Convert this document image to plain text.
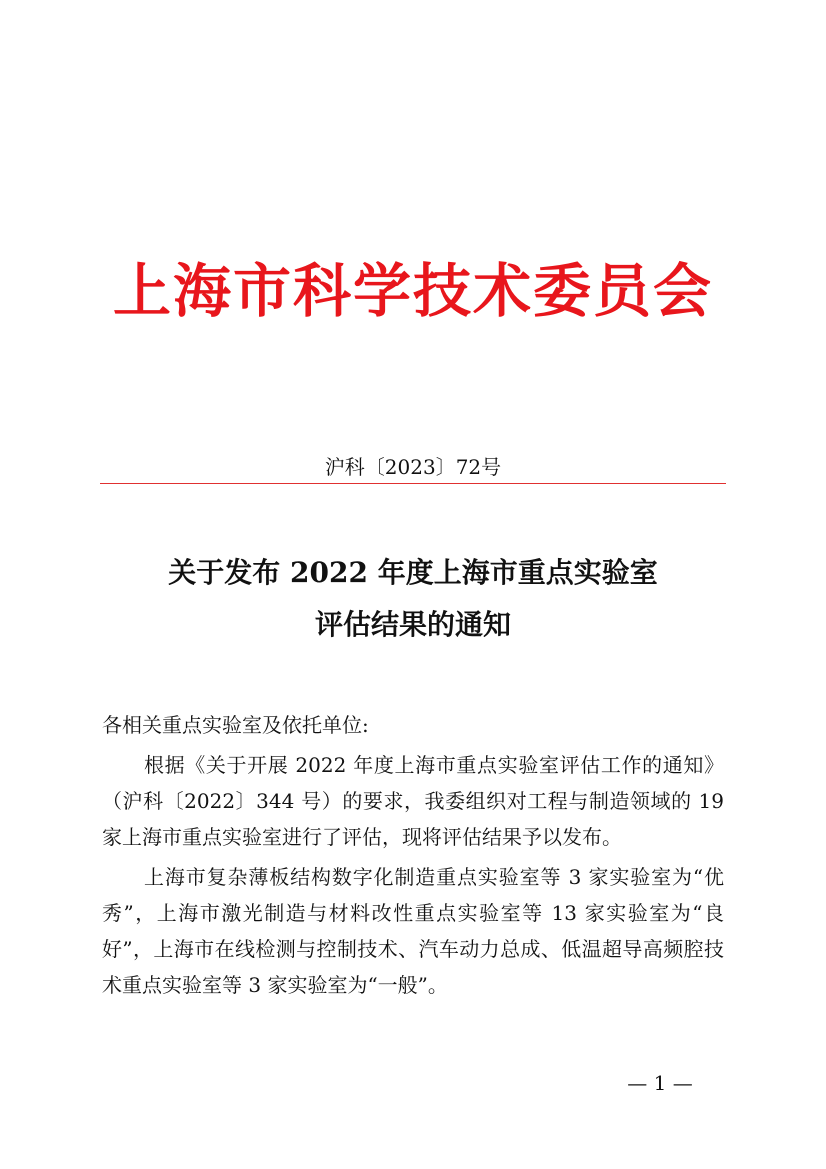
上海市科学技术委员会
沪科〔2023〕72号
关于发布 2022 年度上海市重点实验室
评估结果的通知

各相关重点实验室及依托单位:

根据《关于开展 2022 年度上海市重点实验室评估工作的通知》（沪科〔2022〕344 号）的要求，我委组织对工程与制造领域的 19 家上海市重点实验室进行了评估，现将评估结果予以发布。

上海市复杂薄板结构数字化制造重点实验室等 3 家实验室为“优秀”，上海市激光制造与材料改性重点实验室等 13 家实验室为“良好”，上海市在线检测与控制技术、汽车动力总成、低温超导高频腔技术重点实验室等 3 家实验室为“一般”。

— 1 —
